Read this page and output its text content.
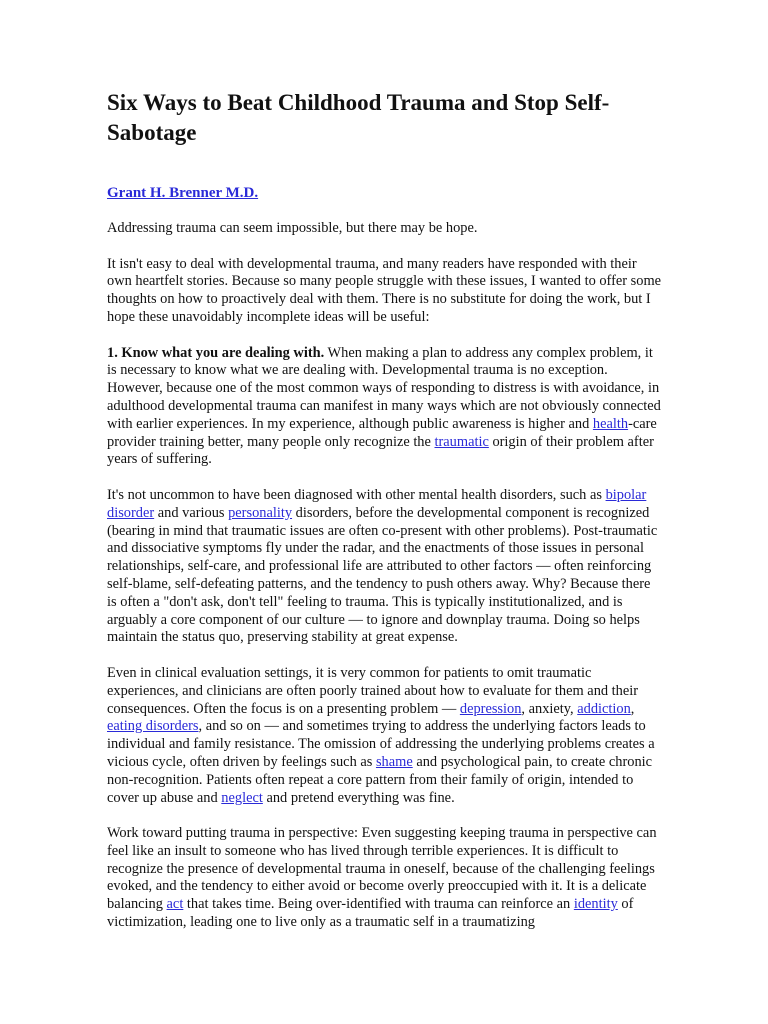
Six Ways to Beat Childhood Trauma and Stop Self-Sabotage
Grant H. Brenner M.D.

Addressing trauma can seem impossible, but there may be hope.

It isn't easy to deal with developmental trauma, and many readers have responded with their own heartfelt stories. Because so many people struggle with these issues, I wanted to offer some thoughts on how to proactively deal with them. There is no substitute for doing the work, but I hope these unavoidably incomplete ideas will be useful:

1. Know what you are dealing with. When making a plan to address any complex problem, it is necessary to know what we are dealing with. Developmental trauma is no exception. However, because one of the most common ways of responding to distress is with avoidance, in adulthood developmental trauma can manifest in many ways which are not obviously connected with earlier experiences. In my experience, although public awareness is higher and health-care provider training better, many people only recognize the traumatic origin of their problem after years of suffering.

It's not uncommon to have been diagnosed with other mental health disorders, such as bipolar disorder and various personality disorders, before the developmental component is recognized (bearing in mind that traumatic issues are often co-present with other problems). Post-traumatic and dissociative symptoms fly under the radar, and the enactments of those issues in personal relationships, self-care, and professional life are attributed to other factors — often reinforcing self-blame, self-defeating patterns, and the tendency to push others away. Why? Because there is often a "don't ask, don't tell" feeling to trauma. This is typically institutionalized, and is arguably a core component of our culture — to ignore and downplay trauma. Doing so helps maintain the status quo, preserving stability at great expense.

Even in clinical evaluation settings, it is very common for patients to omit traumatic experiences, and clinicians are often poorly trained about how to evaluate for them and their consequences. Often the focus is on a presenting problem — depression, anxiety, addiction, eating disorders, and so on — and sometimes trying to address the underlying factors leads to individual and family resistance. The omission of addressing the underlying problems creates a vicious cycle, often driven by feelings such as shame and psychological pain, to create chronic non-recognition. Patients often repeat a core pattern from their family of origin, intended to cover up abuse and neglect and pretend everything was fine.

Work toward putting trauma in perspective: Even suggesting keeping trauma in perspective can feel like an insult to someone who has lived through terrible experiences. It is difficult to recognize the presence of developmental trauma in oneself, because of the challenging feelings evoked, and the tendency to either avoid or become overly preoccupied with it. It is a delicate balancing act that takes time. Being over-identified with trauma can reinforce an identity of victimization, leading one to live only as a traumatic self in a traumatizing
